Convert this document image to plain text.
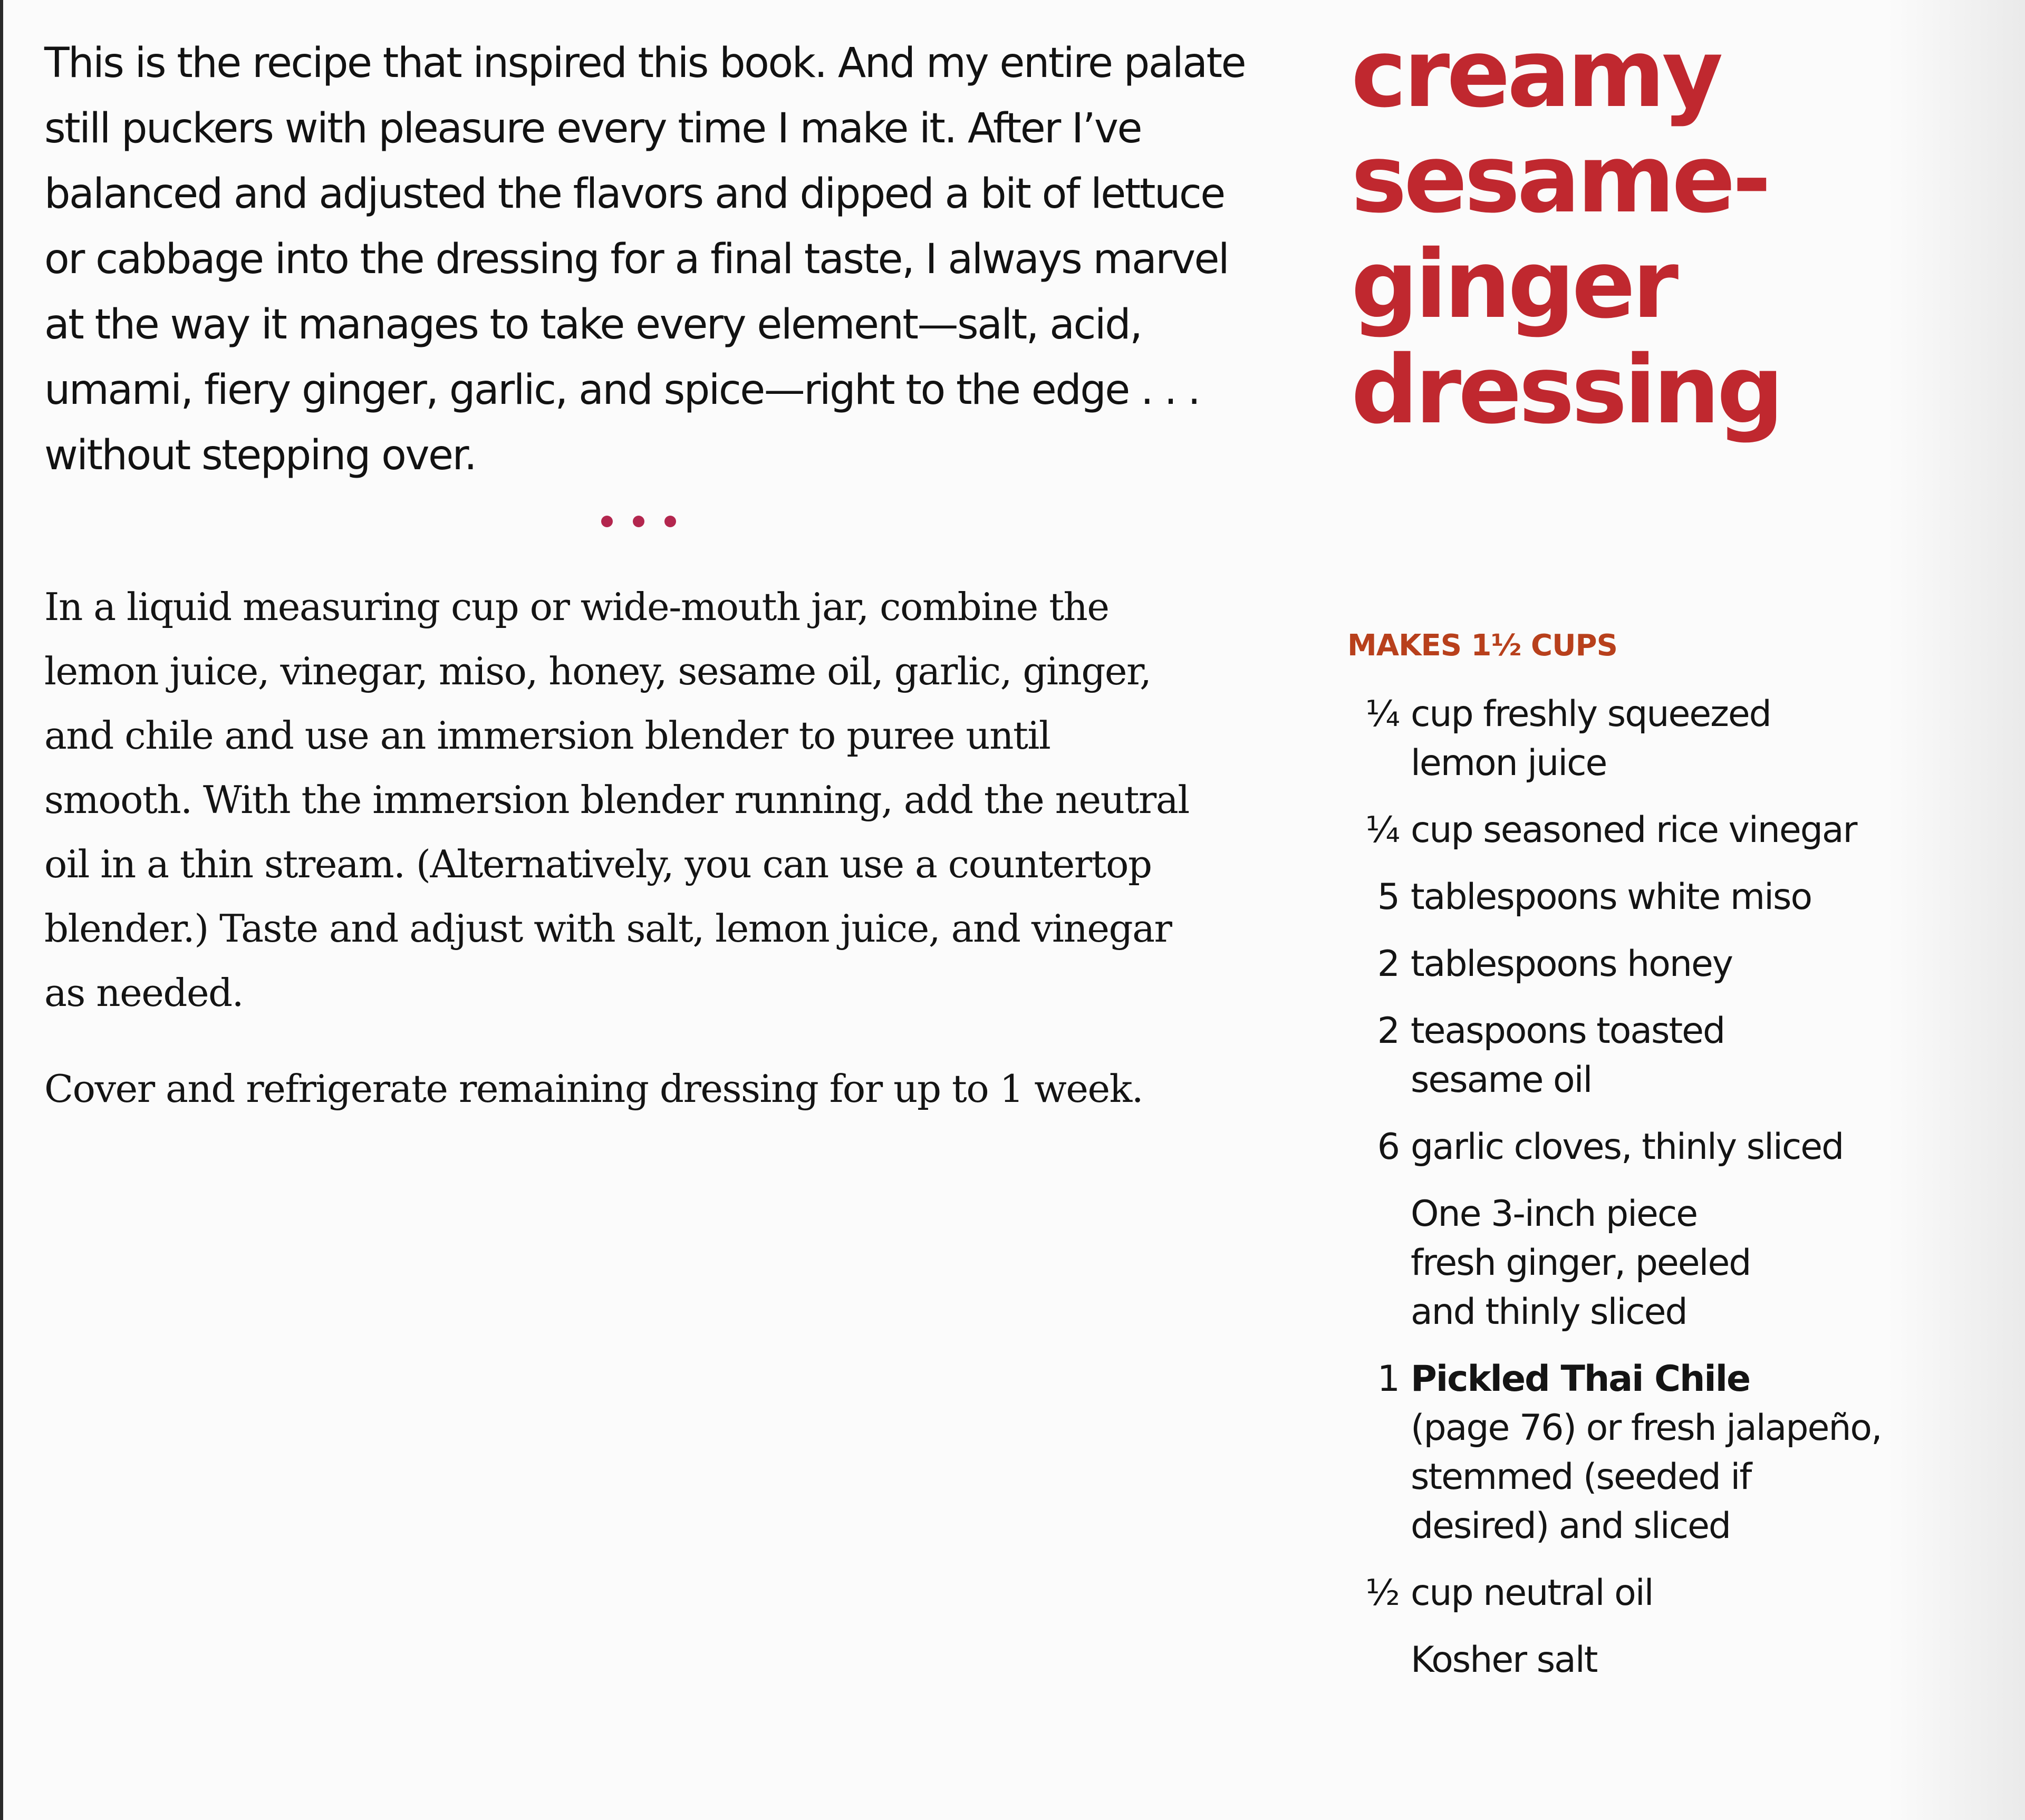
This is the recipe that inspired this book. And my entire palate
still puckers with pleasure every time I make it. After I’ve
balanced and adjusted the flavors and dipped a bit of lettuce
or cabbage into the dressing for a final taste, I always marvel
at the way it manages to take every element—salt, acid,
umami, fiery ginger, garlic, and spice—right to the edge . . .
without stepping over.

In a liquid measuring cup or wide-mouth jar, combine the
lemon juice, vinegar, miso, honey, sesame oil, garlic, ginger,
and chile and use an immersion blender to puree until
smooth. With the immersion blender running, add the neutral
oil in a thin stream. (Alternatively, you can use a countertop
blender.) Taste and adjust with salt, lemon juice, and vinegar
as needed.

Cover and refrigerate remaining dressing for up to 1 week.

creamy
sesame-
ginger
dressing
MAKES 1½ CUPS
¼ cup freshly squeezed
lemon juice
¼ cup seasoned rice vinegar
5 tablespoons white miso
2 tablespoons honey
2 teaspoons toasted
sesame oil
6 garlic cloves, thinly sliced
One 3-inch piece
fresh ginger, peeled
and thinly sliced
1 Pickled Thai Chile
(page 76) or fresh jalapeño,
stemmed (seeded if
desired) and sliced
½ cup neutral oil
Kosher salt
